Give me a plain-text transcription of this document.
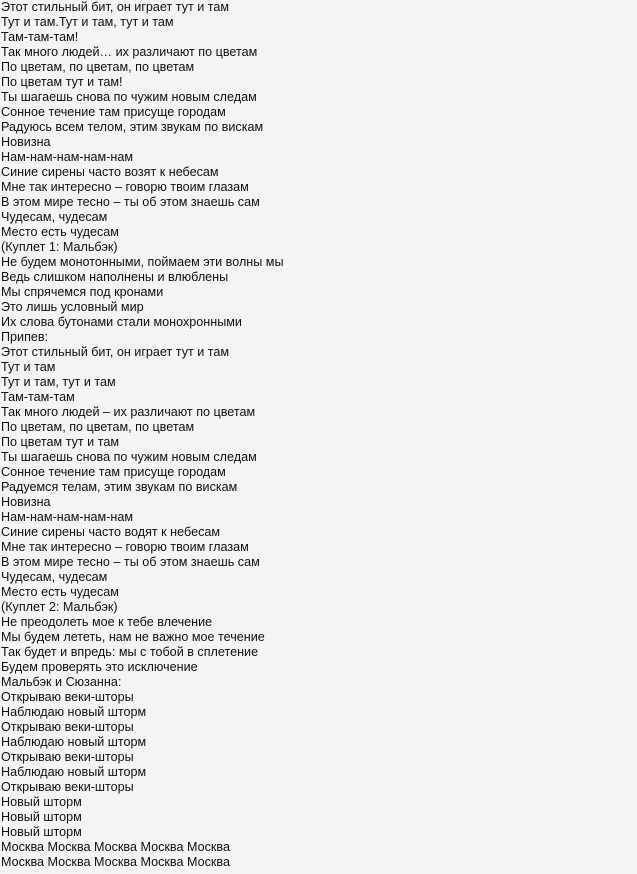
Этот стильный бит, он играет тут и там
Тут и там.Тут и там, тут и там
Там-там-там!
Так много людей… их различают по цветам
По цветам, по цветам, по цветам
По цветам тут и там!
Ты шагаешь снова по чужим новым следам
Сонное течение там присуще городам
Радуюсь всем телом, этим звукам по вискам
Новизна
Нам-нам-нам-нам-нам
Синие сирены часто возят к небесам
Мне так интересно – говорю твоим глазам
В этом мире тесно – ты об этом знаешь сам
Чудесам, чудесам
Место есть чудесам
(Куплет 1: Мальбэк)
Не будем монотонными, поймаем эти волны мы
Ведь слишком наполнены и влюблены
Мы спрячемся под кронами
Это лишь условный мир
Их слова бутонами стали монохронными
Припев:
Этот стильный бит, он играет тут и там
Тут и там
Тут и там, тут и там
Там-там-там
Так много людей – их различают по цветам
По цветам, по цветам, по цветам
По цветам тут и там
Ты шагаешь снова по чужим новым следам
Сонное течение там присуще городам
Радуемся телам, этим звукам по вискам
Новизна
Нам-нам-нам-нам-нам
Синие сирены часто водят к небесам
Мне так интересно – говорю твоим глазам
В этом мире тесно – ты об этом знаешь сам
Чудесам, чудесам
Место есть чудесам
(Куплет 2: Мальбэк)
Не преодолеть мое к тебе влечение
Мы будем лететь, нам не важно мое течение
Так будет и впредь: мы с тобой в сплетение
Будем проверять это исключение
Мальбэк и Сюзанна:
Открываю веки-шторы
Наблюдаю новый шторм
Открываю веки-шторы
Наблюдаю новый шторм
Открываю веки-шторы
Наблюдаю новый шторм
Открываю веки-шторы
Новый шторм
Новый шторм
Новый шторм
Москва Москва Москва Москва Москва
Москва Москва Москва Москва Москва
